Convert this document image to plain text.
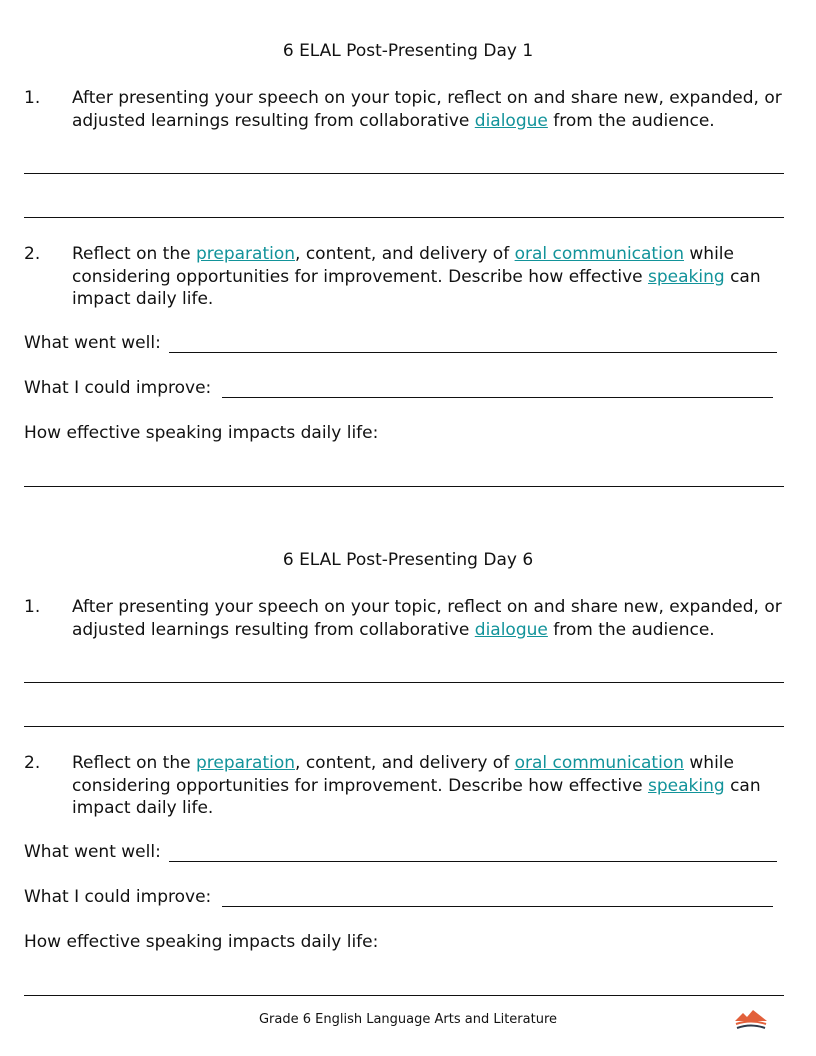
6 ELAL Post-Presenting Day 1
1. After presenting your speech on your topic, reflect on and share new, expanded, or adjusted learnings resulting from collaborative dialogue from the audience.
2. Reflect on the preparation, content, and delivery of oral communication while considering opportunities for improvement. Describe how effective speaking can impact daily life.
What went well:
What I could improve:
How effective speaking impacts daily life:
6 ELAL Post-Presenting Day 6
1. After presenting your speech on your topic, reflect on and share new, expanded, or adjusted learnings resulting from collaborative dialogue from the audience.
2. Reflect on the preparation, content, and delivery of oral communication while considering opportunities for improvement. Describe how effective speaking can impact daily life.
What went well:
What I could improve:
How effective speaking impacts daily life:
Grade 6 English Language Arts and Literature
